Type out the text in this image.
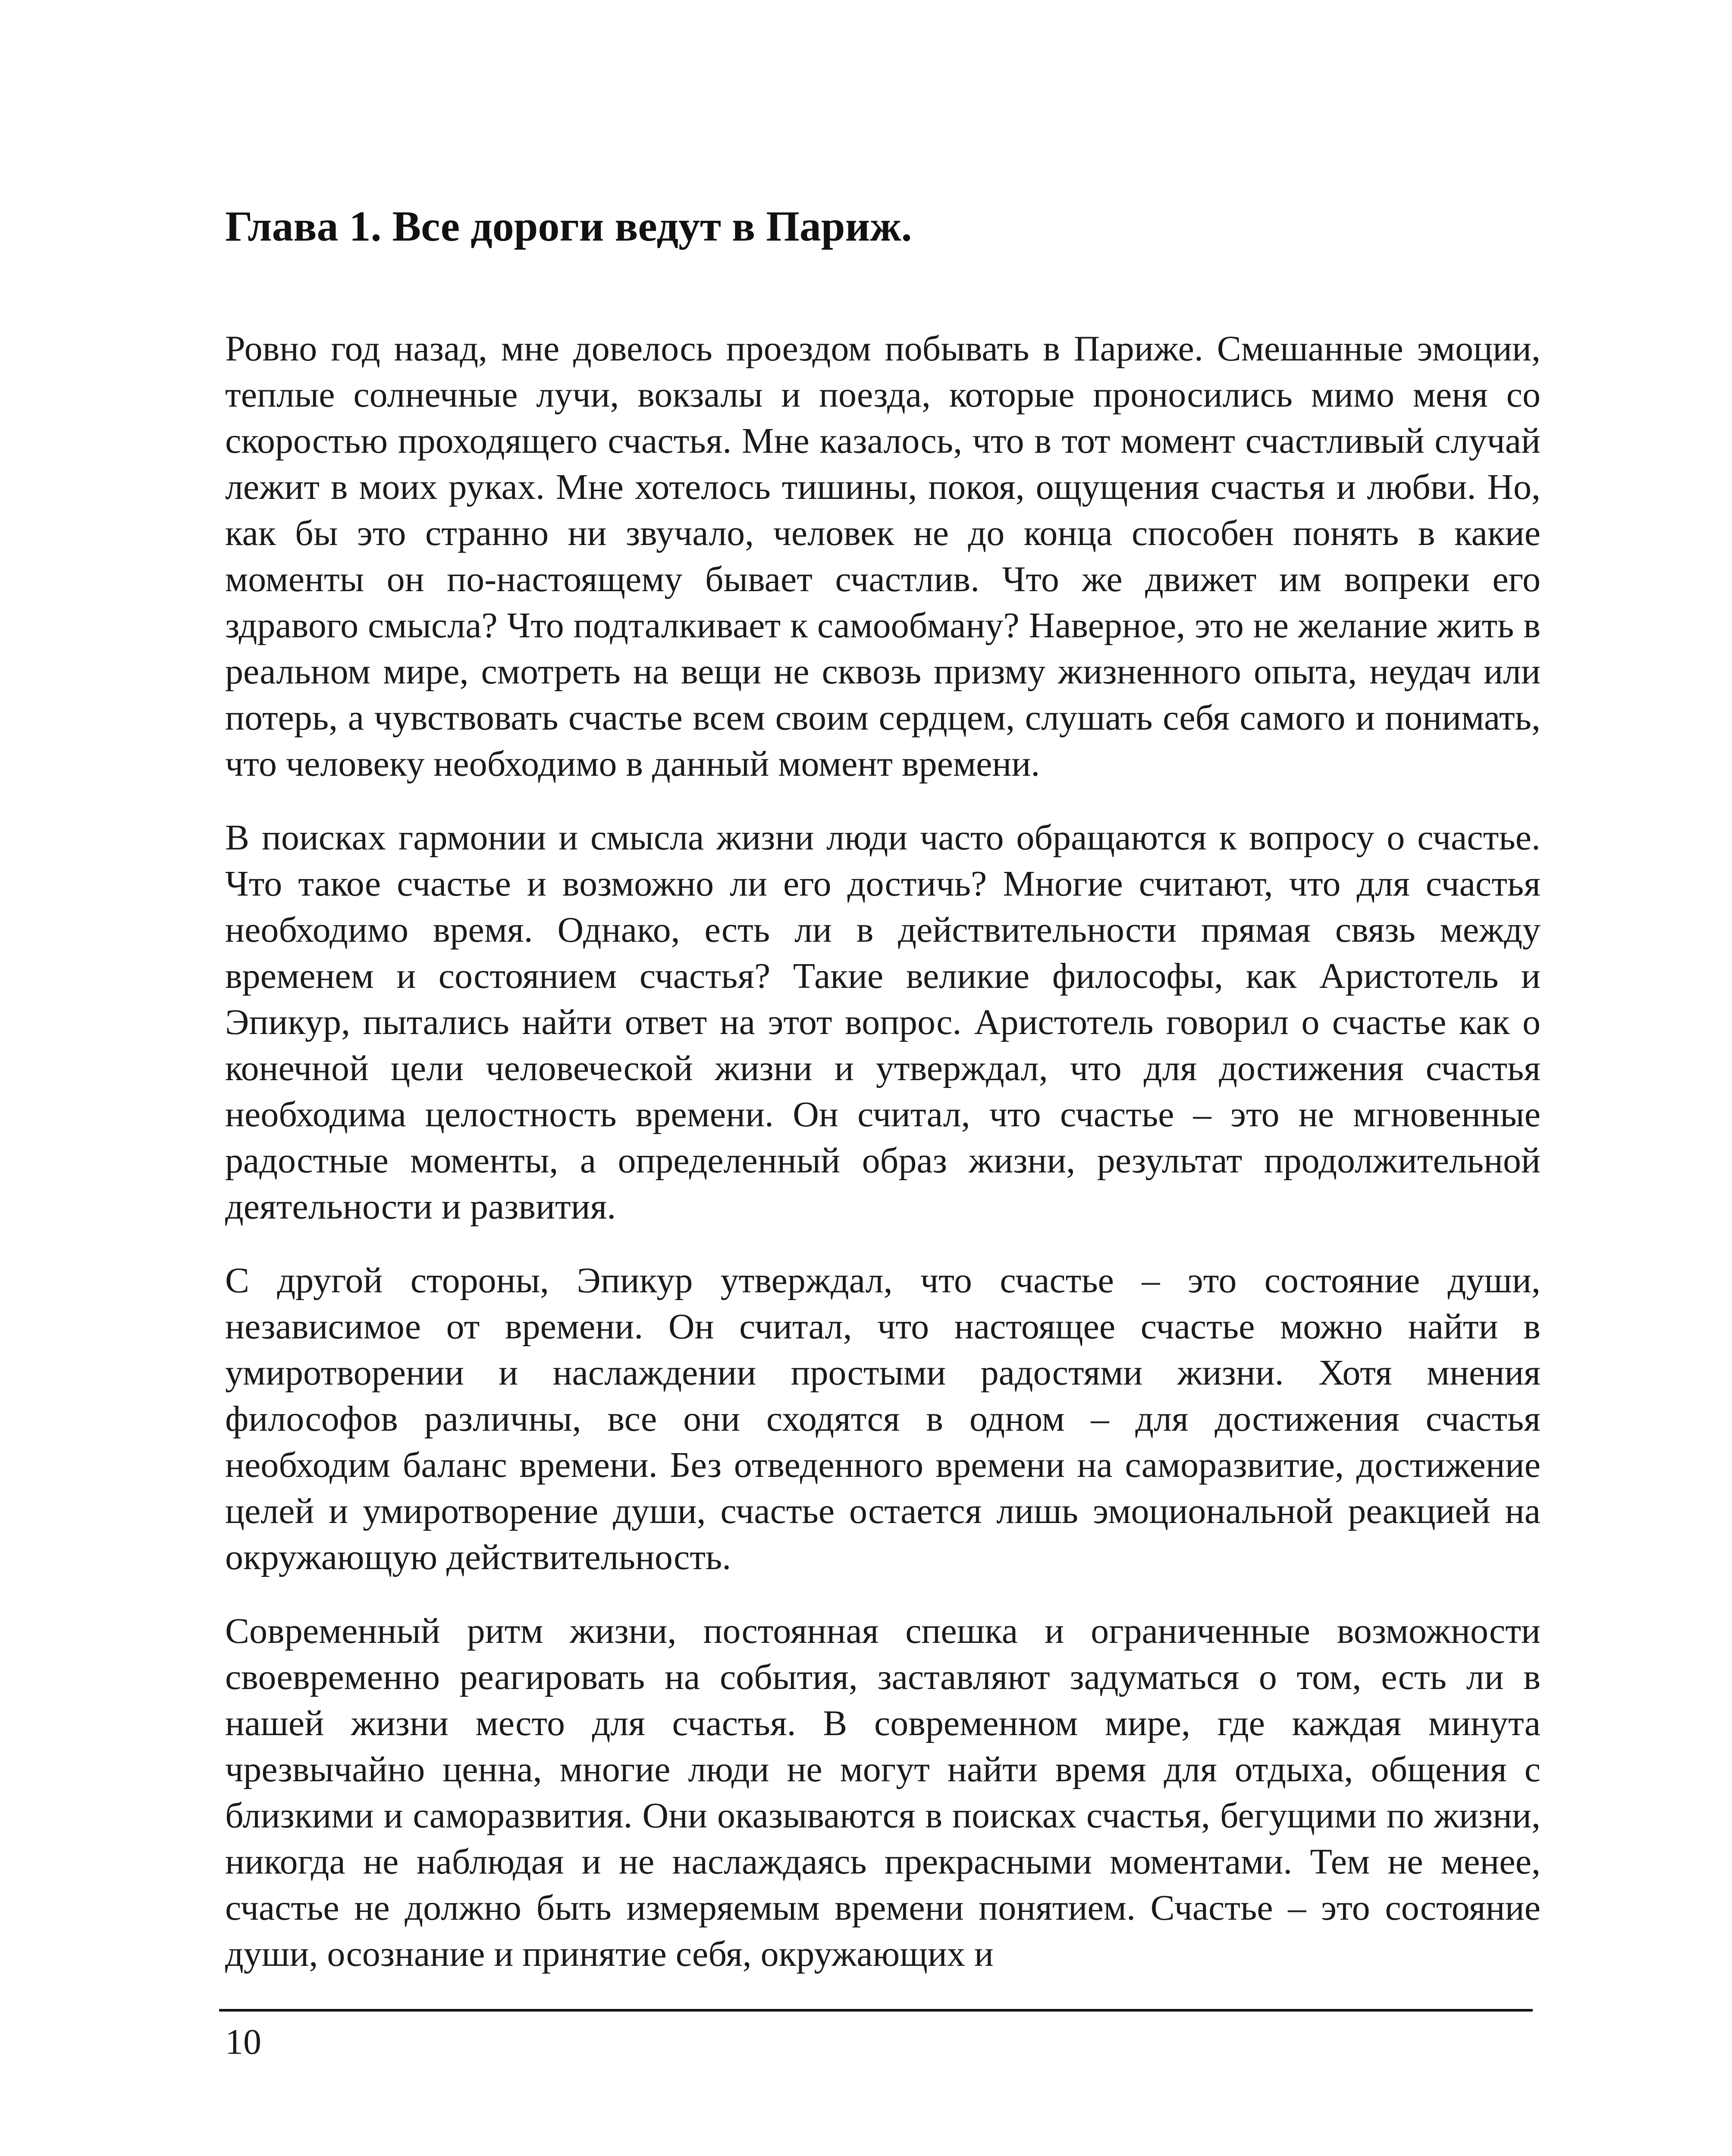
Глава 1. Все дороги ведут в Париж.

Ровно год назад, мне довелось проездом побывать в Париже. Смешанные эмоции, теплые солнечные лучи, вокзалы и поезда, которые проносились мимо меня со скоростью проходящего счастья. Мне казалось, что в тот момент счастливый случай лежит в моих руках. Мне хотелось тишины, покоя, ощущения счастья и любви. Но, как бы это странно ни звучало, человек не до конца способен понять в какие моменты он по-настоящему бывает счастлив. Что же движет им вопреки его здравого смысла? Что подталкивает к самообману? Наверное, это не желание жить в реальном мире, смотреть на вещи не сквозь призму жизненного опыта, неудач или потерь, а чувствовать счастье всем своим сердцем, слушать себя самого и понимать, что человеку необходимо в данный момент времени.

В поисках гармонии и смысла жизни люди часто обращаются к вопросу о счастье. Что такое счастье и возможно ли его достичь? Многие считают, что для счастья необходимо время. Однако, есть ли в действительности прямая связь между временем и состоянием счастья? Такие великие философы, как Аристотель и Эпикур, пытались найти ответ на этот вопрос. Аристотель говорил о счастье как о конечной цели человеческой жизни и утверждал, что для достижения счастья необходима целостность времени. Он считал, что счастье – это не мгновенные радостные моменты, а определенный образ жизни, результат продолжительной деятельности и развития.

С другой стороны, Эпикур утверждал, что счастье – это состояние души, независимое от времени. Он считал, что настоящее счастье можно найти в умиротворении и наслаждении простыми радостями жизни. Хотя мнения философов различны, все они сходятся в одном – для достижения счастья необходим баланс времени. Без отведенного времени на саморазвитие, достижение целей и умиротворение души, счастье остается лишь эмоциональной реакцией на окружающую действительность.

Современный ритм жизни, постоянная спешка и ограниченные возможности своевременно реагировать на события, заставляют задуматься о том, есть ли в нашей жизни место для счастья. В современном мире, где каждая минута чрезвычайно ценна, многие люди не могут найти время для отдыха, общения с близкими и саморазвития. Они оказываются в поисках счастья, бегущими по жизни, никогда не наблюдая и не наслаждаясь прекрасными моментами. Тем не менее, счастье не должно быть измеряемым времени понятием. Счастье – это состояние души, осознание и принятие себя, окружающих и

10
